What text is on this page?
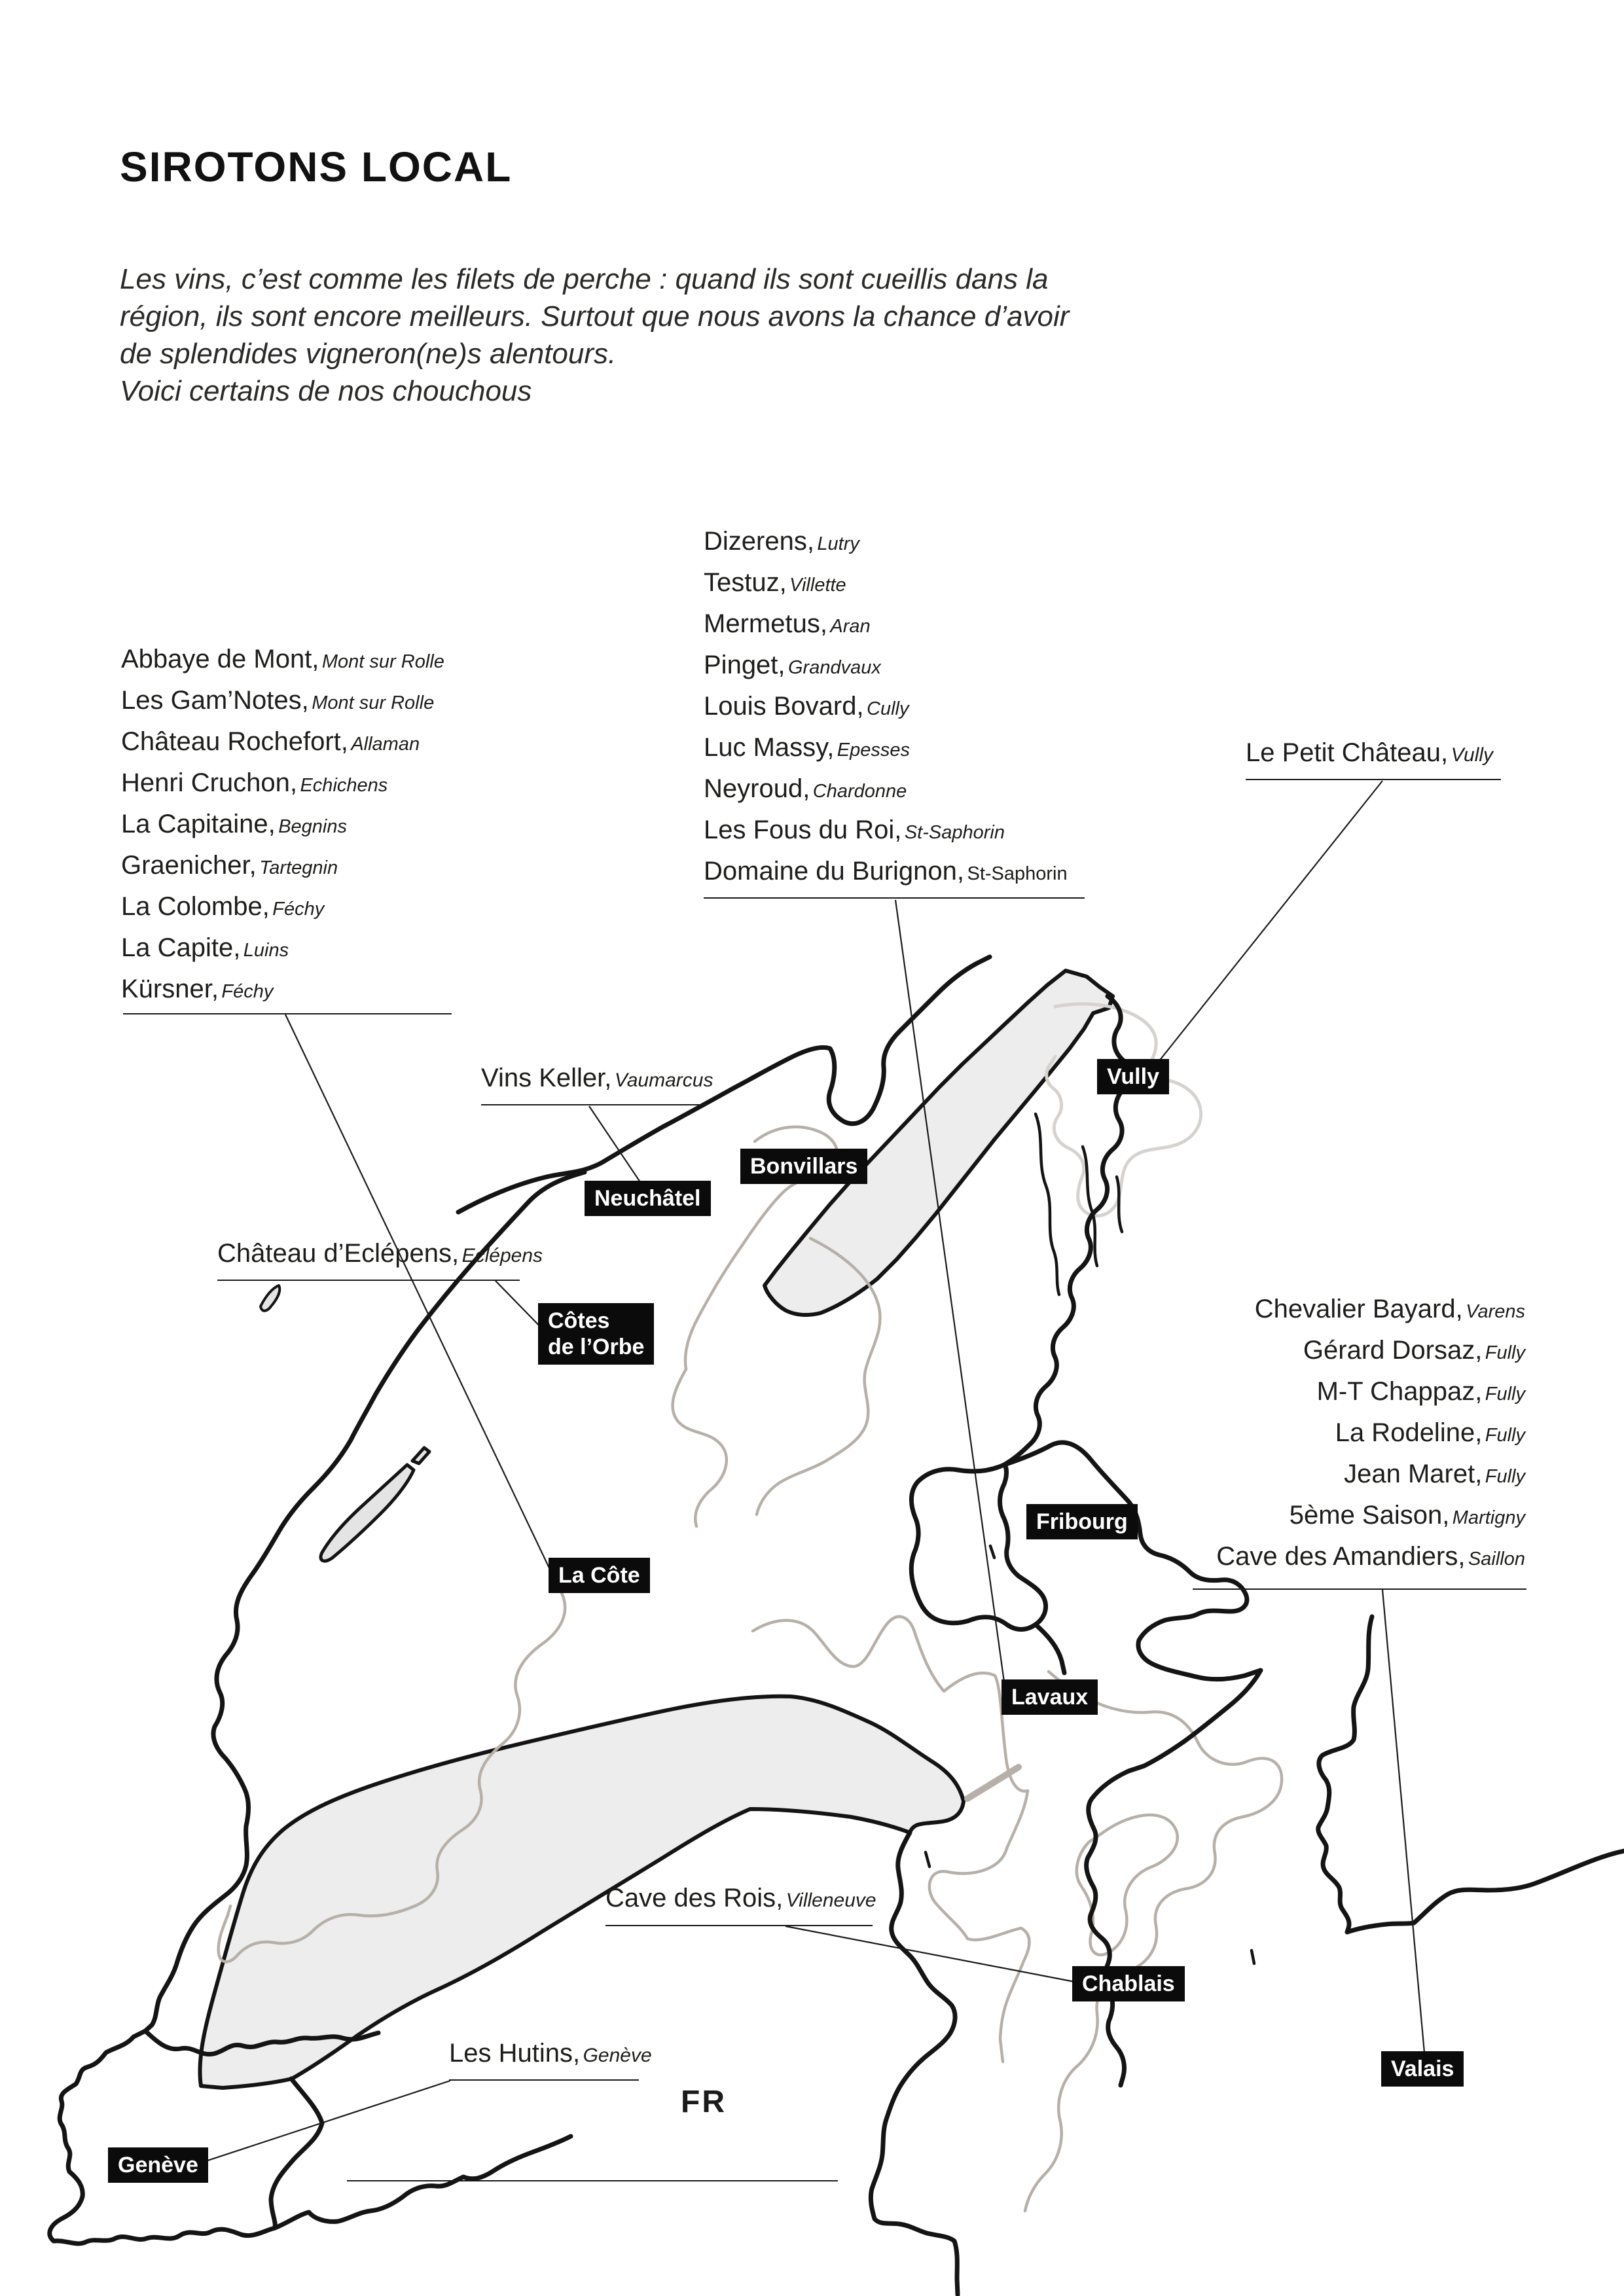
SIROTONS LOCAL
Les vins, c’est comme les filets de perche : quand ils sont cueillis dans la
région, ils sont encore meilleurs. Surtout que nous avons la chance d’avoir
de splendides vigneron(ne)s alentours.
Voici certains de nos chouchous
Abbaye de Mont, Mont sur Rolle
Les Gam’Notes, Mont sur Rolle
Château Rochefort, Allaman
Henri Cruchon, Echichens
La Capitaine, Begnins
Graenicher, Tartegnin
La Colombe, Féchy
La Capite, Luins
Kürsner, Féchy
Dizerens, Lutry
Testuz, Villette
Mermetus, Aran
Pinget, Grandvaux
Louis Bovard, Cully
Luc Massy, Epesses
Neyroud, Chardonne
Les Fous du Roi, St-Saphorin
Domaine du Burignon, St-Saphorin
Chevalier Bayard, Varens
Gérard Dorsaz, Fully
M-T Chappaz, Fully
La Rodeline, Fully
Jean Maret, Fully
5ème Saison, Martigny
Cave des Amandiers, Saillon
Vins Keller, Vaumarcus
Château d’Eclépens, Eclépens
Le Petit Château, Vully
Cave des Rois, Villeneuve
Les Hutins, Genève
Vully
Bonvillars
Neuchâtel
Côtes
de l’Orbe
La Côte
Fribourg
Lavaux
Chablais
Valais
Genève
FR
